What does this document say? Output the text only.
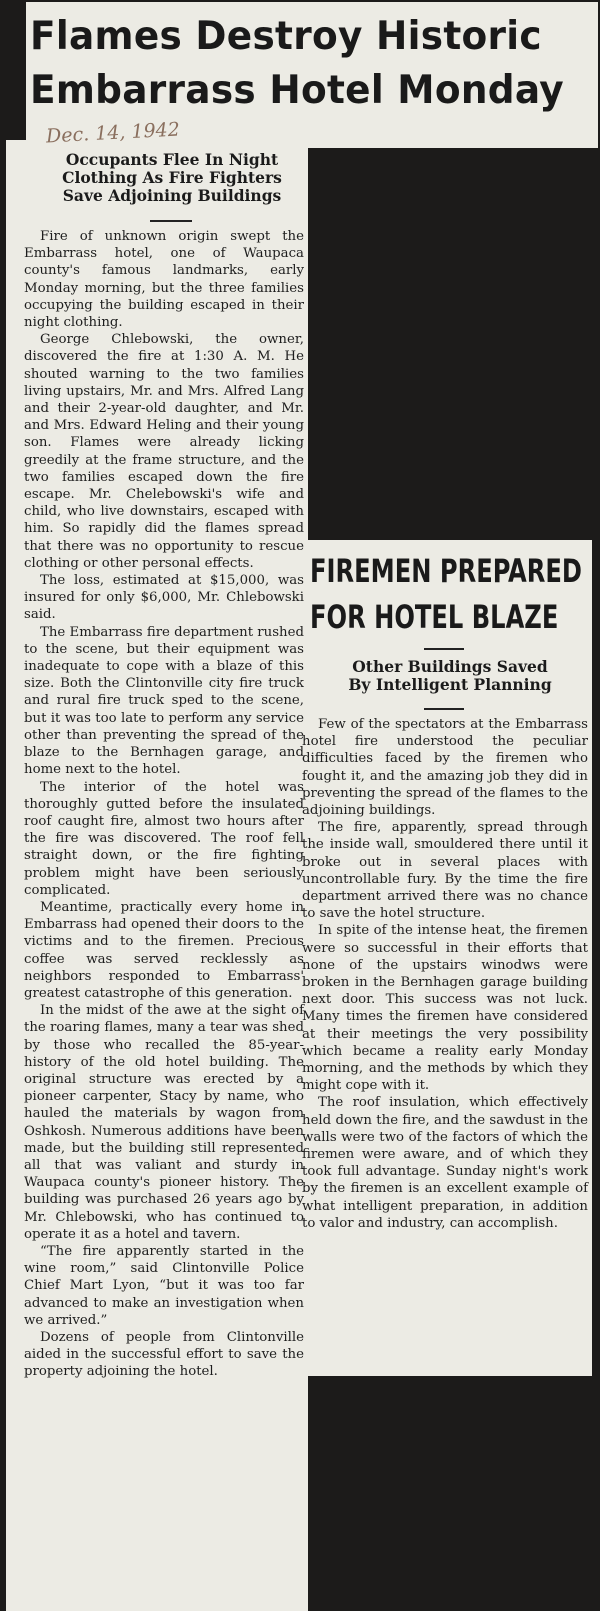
Flames Destroy Historic
Embarrass Hotel Monday
Dec. 14, 1942
Occupants Flee In Night
Clothing As Fire Fighters
Save Adjoining Buildings

Fire of unknown origin swept the Embarrass hotel, one of Waupaca county's famous landmarks, early Monday morning, but the three families occupying the building escaped in their night clothing.

George Chlebowski, the owner, discovered the fire at 1:30 A. M. He shouted warning to the two families living upstairs, Mr. and Mrs. Alfred Lang and their 2-year-old daughter, and Mr. and Mrs. Edward Heling and their young son. Flames were already licking greedily at the frame structure, and the two families escaped down the fire escape. Mr. Chelebowski's wife and child, who live downstairs, escaped with him. So rapidly did the flames spread that there was no opportunity to rescue clothing or other personal effects.

The loss, estimated at $15,000, was insured for only $6,000, Mr. Chlebowski said.

The Embarrass fire department rushed to the scene, but their equipment was inadequate to cope with a blaze of this size. Both the Clintonville city fire truck and rural fire truck sped to the scene, but it was too late to perform any service other than preventing the spread of the blaze to the Bernhagen garage, and home next to the hotel.

The interior of the hotel was thoroughly gutted before the insulated roof caught fire, almost two hours after the fire was discovered. The roof fell straight down, or the fire fighting problem might have been seriously complicated.

Meantime, practically every home in Embarrass had opened their doors to the victims and to the firemen. Precious coffee was served recklessly as neighbors responded to Embarrass' greatest catastrophe of this generation.

In the midst of the awe at the sight of the roaring flames, many a tear was shed by those who recalled the 85-year-history of the old hotel building. The original structure was erected by a pioneer carpenter, Stacy by name, who hauled the materials by wagon from Oshkosh. Numerous additions have been made, but the building still represented all that was valiant and sturdy in Waupaca county's pioneer history. The building was purchased 26 years ago by Mr. Chlebowski, who has continued to operate it as a hotel and tavern.

“The fire apparently started in the wine room,” said Clintonville Police Chief Mart Lyon, “but it was too far advanced to make an investigation when we arrived.”

Dozens of people from Clintonville aided in the successful effort to save the property adjoining the hotel.

FIREMEN PREPARED
FOR HOTEL BLAZE
Other Buildings Saved
By Intelligent Planning

Few of the spectators at the Embarrass hotel fire understood the peculiar difficulties faced by the firemen who fought it, and the amazing job they did in preventing the spread of the flames to the adjoining buildings.

The fire, apparently, spread through the inside wall, smouldered there until it broke out in several places with uncontrollable fury. By the time the fire department arrived there was no chance to save the hotel structure.

In spite of the intense heat, the firemen were so successful in their efforts that none of the upstairs winodws were broken in the Bernhagen garage building next door. This success was not luck. Many times the firemen have considered at their meetings the very possibility which became a reality early Monday morning, and the methods by which they might cope with it.

The roof insulation, which effectively held down the fire, and the sawdust in the walls were two of the factors of which the firemen were aware, and of which they took full advantage. Sunday night's work by the firemen is an excellent example of what intelligent preparation, in addition to valor and industry, can accomplish.
